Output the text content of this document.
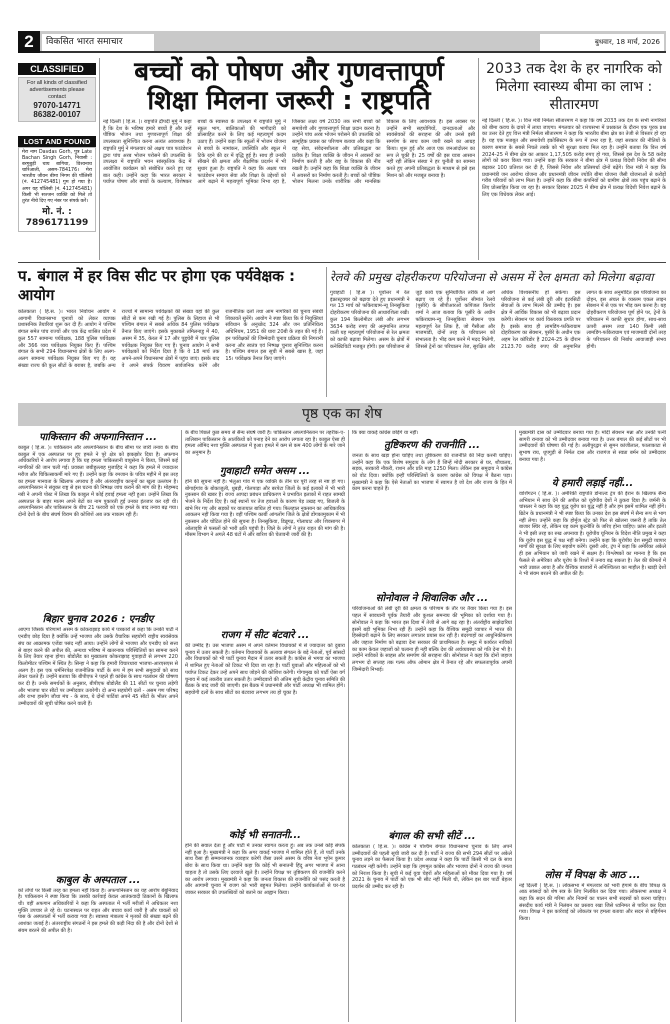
2	विकसित भारत समाचार	बुधवार, 18 मार्च, 2026
CLASSIFIED
For all kinds of classified advertisements please contact
97070-14771
86382-00107
LOST AND FOUND
मेरा नाम Davdas Gorh, पुत्र Late Bachan Singh Gorh, निवासी : बरगुबुड़ी चाय बागिचा, विश्वनाथ चारिआली, असम-784176। मेरा भारतीय जीवन बीमा निगम की पॉलिसी (नं. 412745481) गुम हो गया है। अगर यह पॉलिसी (नं. 412745481) किसी भी सज्जन व्यक्ति को मिले तो तुरंत नीचे दिए गए नंबर पर संपर्क करें।
मो. नं. :
7896171199
बच्चों को पोषण और गुणवत्तापूर्ण
शिक्षा मिलना जरूरी : राष्ट्रपति
नई दिल्ली ( हि.स. )। राष्ट्रपति द्रौपदी मुर्मु ने कहा है कि देश के भविष्य हमारे बच्चों हैं और उन्हें पौष्टिक भोजन तथा गुणवत्तापूर्ण शिक्षा की उपलब्धता सुनिश्चित करना अत्यंत आवश्यक है। राष्ट्रपति मुर्मु ने मंगलवार को अक्षय पात्र फाउंडेशन द्वारा पांच अरब भोजन परोसने की उपलब्धि के उपलक्ष्य में राष्ट्रपति भवन सांस्कृतिक केंद्र में आयोजित कार्यक्रम को संबोधित करते हुए यह बात कही। उन्होंने कहा कि भारत सरकार ने पर्याप्त पोषण और बच्चों के कल्याण, विशेषकर बच्चों के स्वास्थ्य के उपलक्ष्य में राष्ट्रपति मुर्मु ने स्कूल भाग, बालिकाओं की भागीदारी को प्रोत्साहित करने के लिए कई महत्वपूर्ण कदम उठाए हैं। उन्होंने कहा कि स्कूलों में भोजन योजना से बच्चों के नामांकन, उपस्थिति और स्कूल में टिके रहने की दर में वृद्धि हुई है। साथ ही उनकी सीखने की क्षमता और शैक्षणिक प्रदर्शन में भी सुधार हुआ है। राष्ट्रपति ने कहा कि अक्षय पात्र फाउंडेशन समाज सेवा और शिक्षा के उद्देश्यों को आगे बढ़ाने में महत्वपूर्ण भूमिका निभा रहा है, जिसका लक्ष्य वर्ष 2030 तक सभी बच्चों को समावेशी और गुणवत्तापूर्ण शिक्षा प्रदान करना है। उन्होंने पांच अरब भोजन परोसने की उपलब्धि को सामूहिक प्रयास का परिणाम बताया और कहा कि यह सेवा, संवेदनशीलता और प्रतिबद्धता का प्रतीक है। शिक्षा व्यक्ति के जीवन में अवसरों का निर्माण करती है और राष्ट्र के विकास की नींव रखती है। उन्होंने कहा कि शिक्षा व्यक्ति के जीवन में अवसरों का निर्माण करती है। बच्चों को पौष्टिक भोजन मिलना उनके शारीरिक और मानसिक विकास के लिए आवश्यक है। इस अवसर पर उन्होंने सभी सहयोगियों, दानदाताओं और स्वयंसेवकों की सराहना की और उनसे इसी समर्पण के साथ काम जारी रखने का आग्रह किया। शुरू हुई और आज एक जनआंदोलन का रूप ले चुकी है। 25 वर्षों की इस यात्रा आसान नहीं रही लेकिन संस्था ने हर चुनौती का सामना करते हुए अपनी प्रतिबद्धता के माध्यम से इसे इस मिशन को और मजबूत बनाया है।
2033 तक देश के हर नागरिक को मिलेगा स्वास्थ्य बीमा का लाभ : सीतारमण
नई दिल्ली ( हि.स. )। वित्त मंत्री निर्मला सीतारमण ने कहा कि वर्ष 2033 तक देश के सभी नागरिकों को बीमा कवच के दायरे में लाया जाएगा। मंगलवार को राज्यसभा में प्रश्नकाल के दौरान एक पूरक प्रश्न का उत्तर देते हुए वित्त मंत्री निर्मला सीतारमण ने कहा कि भारतीय बीमा क्षेत्र का तेजी से विस्तार हो रहा है। यह एक मजबूत और समावेशी इकोसिस्टम के रूप में उभर रहा है, जहां सरकार की नीतियों के कारण समाज के सबसे निचले तबके को भी सुरक्षा कवच मिल रहा है। उन्होंने बताया कि वित्त वर्ष 2024-25 में बीमा क्षेत्र का आकार 1,17,505 करोड़ रुपए हो गया, जिससे इस देश के 58 करोड़ लोगों को कवर किया गया। उन्होंने कहा कि सरकार ने बीमा क्षेत्र में प्रत्यक्ष विदेशी निवेश की सीमा बढ़ाकर 100 प्रतिशत कर दी है, जिससे निवेश और प्रतिस्पर्धा दोनों बढ़ेंगे। वित्त मंत्री ने कहा कि प्रधानमंत्री जन आरोग्य योजना और प्रधानमंत्री जीवन ज्योति बीमा योजना जैसी योजनाओं से करोड़ों गरीब परिवारों को लाभ मिला है। उन्होंने कहा कि बीमा कंपनियों को ग्रामीण क्षेत्रों तक पहुंच बढ़ाने के लिए प्रोत्साहित किया जा रहा है। सरकार दिसंबर 2025 में बीमा क्षेत्र में प्रत्यक्ष विदेशी निवेश बढ़ाने के लिए एक विधेयक लेकर आई।
प. बंगाल में हर विस सीट पर होगा एक पर्यवेक्षक : आयोग
कोलकाता ( हि.स. )। भारत निर्वाचन आयोग ने आगामी विधानसभा चुनावों को लेकर व्यापक प्रशासनिक तैयारियां शुरू कर दी हैं। आयोग ने पश्चिम बंगाल समेत पांच राज्यों और एक केंद्र शासित प्रदेश में कुल 557 सामान्य पर्यवेक्षक, 188 पुलिस पर्यवेक्षक और 366 व्यय पर्यवेक्षक नियुक्त किए हैं। पश्चिम बंगाल के सभी 294 विधानसभा क्षेत्रों के लिए अलग-अलग सामान्य पर्यवेक्षक नियुक्त किए गए हैं। यह संख्या राज्य की कुल सीटों के बराबर है, जबकि अन्य राज्यों में सामान्य पर्यवेक्षकों की संख्या वहां की कुल सीटों से कम रखी गई है। पुलिस के लिहाज से भी पश्चिम बंगाल में सबसे अधिक 84 पुलिस पर्यवेक्षक तैनात किए जाएंगे। इसके मुकाबले तमिलनाडु में 40, असम में 35, केरल में 17 और पुडुचेरी में चार पुलिस पर्यवेक्षक नियुक्त किए गए हैं। चुनाव आयोग ने सभी पर्यवेक्षकों को निर्देश दिया है कि वे 18 मार्च तक अपने-अपने विधानसभा क्षेत्रों में पहुंच जाएं। इसके बाद वे अपने संपर्क विवरण सार्वजनिक करेंगे और राजनीतिक दलों तथा आम नागरिकों की चुनाव संबंधी शिकायतें सुनेंगे। आयोग ने स्पष्ट किया कि ये नियुक्तियां संविधान के अनुच्छेद 324 और जन प्रतिनिधित्व अधिनियम, 1951 की धारा 20बी के तहत की गई हैं। इन पर्यवेक्षकों की जिम्मेदारी चुनाव प्रक्रिया की निगरानी करना और स्वतंत्र एवं निष्पक्ष चुनाव सुनिश्चित करना है। पश्चिम बंगाल इस सूची में सबसे खास है, जहां 15। पर्यवेक्षक तैनात किए जाएंगे।
रेलवे की प्रमुख दोहरीकरण परियोजना से असम में रेल क्षमता को मिलेगा बढ़ावा
गुवाहाटी ( हि.स )। पूर्वोत्तर में रेल इंफ्रास्ट्रक्चर को बढ़ावा देते हुए प्रधानमंत्री ने गत 13 मार्च को फकिराग्राम-न्यू तिनसुकिया दोहरीकरण परियोजना की आधारशिला रखी। कुल 194 किलोमीटर लंबी और लगभग 3634 करोड़ रुपए की अनुमानित लागत वाली यह महत्वपूर्ण परियोजना से रेल क्षमता को काफी बढ़ावा मिलेगा। असम के क्षेत्रों में कनेक्टिविटी मजबूत होगी। इस परियोजना से जुड़े कार्य एक सुनियोजित तरीके से आगे बढ़ाए जा रहे हैं। पूर्वोत्तर सीमांत रेलवे (पूसीरे) के सीपीआरओ कपिंजल किशोर शर्मा ने आज बताया कि पूसीरे के अधीन फकिराग्राम-न्यू तिनसुकिया सेक्शन एक महत्वपूर्ण रेल लिंक है, जो गैसीआ और माजमाडी, दोनों तरह के परिचालन को संभालता है। भीड़ कम करने में मदद मिलेगी, जिससे ट्रेनों का परिचालन तेज, सुरक्षित और अधिक विश्वसनीय हो सकेगा। इस परियोजना से कई लंबी दूरी और इंटरसिटी सेवाओं के लाभ मिलने की उम्मीद है। इस क्षेत्र में आर्थिक विकास को भी बढ़ावा प्रदान करेगी। सेक्शन पर कार्य विस्तारक प्रगति पर है। इसके साथ ही लामडिंग-फकिराग्राम दोहरीकरण का सेक्शन, पूसीरे के अधीन एक अहम रेल कॉरिडोर है 2024-25 के दौरान 2123.70 करोड़ रुपए की अनुमानित लागत के साथ अनुमोदित इस परियोजना का दोहन, इस अंचल के व्यस्तम एकल लाइन सेक्शन में से एक पर भीड़ कम करना है। यह दोहरीकरण परियोजना पूर्ण होने पर, ट्रेनों के परिचालन में काफी सुधार होगा, साथ-साथ ऊपरी असम तथा 140 किमी लंबी लामडिंग-फकिराग्राम एवं माजमाडी दोनों तरह के परिचालन की निर्बाध आवाजाही संभव होगी।
पृष्ठ एक का शेष
पाकिस्तान की अफगानिस्तान ...
काबुल ( हि.स. )। पाकिस्तान और अफगानिस्तान के बीच सीमा पर जारी तनाव के बीच काबुल में एक अस्पताल पर हुए हमले ने पूरे क्षेत्र को झकझोर दिया है। अफगान अधिकारियों ने आरोप लगाया है कि यह हमला पाकिस्तानी वायुसेना ने किया, जिसमें कई नागरिकों की जान चली गई। प्रवक्ता जबीहुल्लाह मुजाहिद ने कहा कि हमले में ज्यादातर मरीज और चिकित्साकर्मी मारे गए हैं। उन्होंने कहा कि रमजान के पवित्र महीने में इस तरह का हमला मानवता के खिलाफ अपराध है और अंतरराष्ट्रीय कानूनों का खुला उल्लंघन है। अफगानिस्तान ने संयुक्त राष्ट्र से इस घटना की निष्पक्ष जांच कराने की मांग की है। मोहम्मद नबी ने अपनी पोस्ट में लिखा कि काबुल में कोई हवाई हमला नहीं हुआ। उन्होंने लिखा कि अस्पताल के बाहर मातम अपने बेटों का नाम पुकारती हुई उनका इंतजार कर रही थी। अफगानिस्तान और पाकिस्तान के बीच 21 फरवरी को एक हमले के बाद तनाव बढ़ गया। दोनों देशों के बीच संघर्ष विराम की कोशिशें अब तक नाकाम रही हैं।
बिहार चुनाव 2026 : एनडीए
आएगा जिसके परिणामों असम के कोकराझाड़ कार्य में पत्रकारों से कहा कि उनकी पार्टी ने एनडीए छोड़ दिया है क्योंकि उन्हें भाजपा और उसके वैचारिक सहयोगी राष्ट्रीय स्वयंसेवक संघ का आक्रामक एजेंडा पसंद नहीं आया। उन्होंने लोगों से भाजपा और एनडीए को सत्ता से बाहर करने की अपील की, अन्यथा भविष्य में खतरनाक परिस्थितियों का सामना करने के लिए तैयार रहना होगा। बोडोलैंड का मुख्यालय कोकराझाड़ गुवाहाटी से लगभग 220 किलोमीटर पश्चिम में स्थित है। सिन्हा ने कहा कि हमारी विचारधारा भाजपा-आरएसएस से अलग है। इस एक धर्मनिरपेक्ष राजनीतिक पार्टी के रूप में हम सभी समुदायों को साथ लेकर चलते हैं। उन्होंने बताया कि बीपीएफ ने पहले ही कांग्रेस के साथ गठबंधन की घोषणा कर दी है। उनके समर्थकों के अनुसार, बीपीएफ बोडोलैंड की 11 सीटों पर चुनाव लड़ेगी और भाजपा चार सीटों पर उम्मीदवार उतारेगी। दो अन्य सहयोगी दलों - असम गण परिषद और राभा हासोंग जौथा मंच - के साथ, ये दोनों पार्टियां अपने 45 सीटों के भीतर अपने उम्मीदवारों की सूची घोषित करने वाली हैं।
काबुल के अस्पताल ...
को तोपों पर किसी तरह का हमला नहीं किया है। अफगानिस्तान का यह आरोप बेबुनियाद है। पाकिस्तान ने स्पष्ट किया कि उसकी कार्रवाई केवल आतंकवादी ठिकानों के खिलाफ थी। वहीं अफगान अधिकारियों ने कहा कि अस्पताल में भर्ती मरीजों में अधिकतर नशा मुक्ति उपचार ले रहे थे। घटनास्थल पर राहत और बचाव कार्य जारी है और घायलों को पास के अस्पतालों में भर्ती कराया गया है। स्वास्थ्य मंत्रालय ने मृतकों की संख्या बढ़ने की आशंका जताई है। अंतरराष्ट्रीय संगठनों ने इस हमले की कड़ी निंदा की है और दोनों देशों से संयम बरतने की अपील की है।
के बीच पिछले कुछ समय से सैन्य संघर्ष जारी है। पाकिस्तान अफगानिस्तान पर तहरीक-ए-तालिबान पाकिस्तान के आतंकियों को पनाह देने का आरोप लगाता रहा है। काबुल ऐसा ही हमला ओमिद नशा मुक्ति अस्पताल में हुआ। हमले में कम से कम 400 लोगों के मारे जाने का अनुमान है।
गुवाहाटी समेत असम ...
होने की सूचना नहीं है। भेलुआ गांव में एक व्यक्ति के तीन घर पूरी तरह से नष्ट हो गए। बोंगाईगांव के बोकाजुली, धुबड़ी, गोलपाड़ा और बरपेटा जिलों के कई इलाकों में भी भारी नुकसान की खबर है। राज्य आपदा प्रबंधन प्राधिकरण ने प्रभावित इलाकों में राहत सामग्री भेजने के निर्देश दिए हैं। कई स्थानों पर तेज हवाओं के कारण पेड़ उखड़ गए, बिजली के खंभे गिर गए और सड़कों पर यातायात बाधित हो गया। फिलहाल नुकसान का आधिकारिक आकलन नहीं किया गया है। वहीं पश्चिम कार्बी आंगलोंग जिले के क्षेत्रों डोंगकामुकाम में भी नुकसान और चोटिल होने की सूचना है। तिनसुकिया, डिब्रूगढ़, गोलाघाट और शिवसागर में ओलावृष्टि से फसलों को भारी क्षति पहुंची है। जिले के लोगों ने तुरंत राहत की मांग की है। मौसम विभाग ने अगले 48 घंटों में और बारिश की चेतावनी जारी की है।
राजग में सीट बंटवारे ...
की उम्मीद है। उस भाजपा असम में अपने वर्तमान विधायकों में से ज्यादातर को दुबारा चुनाव में उतार सकती है। वर्तमान विधायकों के अलावा संगठन के बड़े नेताओं, पूर्व सांसदों और विधायकों को भी पार्टी चुनाव मैदान में उतार सकती है। कांग्रेस से भगवा का भाजपा में शामिल हुए नेताओं को टिकट भी दिया जा रहा है। पार्टी युवाओं और महिलाओं को भी पर्याप्त टिकट देकर उन्हें अपने साथ जोड़ने की कोशिश करेगी। गोगामुख को पार्टी ऐसा वर्ग चुनाव में कई तकरीब उतार सकती है। उम्मीदवारों की अंतिम सूची केंद्रीय चुनाव समिति की बैठक के बाद जारी की जाएगी। इस बैठक में प्रधानमंत्री और पार्टी अध्यक्ष भी शामिल होंगे। सहयोगी दलों के साथ सीटों का बंटवारा लगभग तय हो चुका है।
कोई भी सनातनी...
होने की सवाल देता हूं और पार्टी में उनका स्वागत करता हूं। अब तक उनसे कोई संपर्क नहीं हुआ है। मुख्यमंत्री ने कहा कि अगर वाकई भाजपा में शामिल होते हैं, तो पार्टी उनके साथ वैसा ही सम्मानजनक व्यवहार करेगी जैसा उसने असम के वरिष्ठ नेता भूपेन कुमार बोरा के साथ किया था। उन्होंने कहा कि कोई भी सनातनी हिंदू अगर भाजपा में आना चाहता है तो उसके लिए दरवाजे खुले हैं। उन्होंने विपक्ष पर तुष्टिकरण की राजनीति करने का आरोप लगाया। मुख्यमंत्री ने कहा कि जनता विकास की राजनीति को पसंद करती है और आगामी चुनाव में राजग को भारी बहुमत मिलेगा। उन्होंने कार्यकर्ताओं से घर-घर जाकर सरकार की उपलब्धियों को बताने का आह्वान किया।
कि क्या वाकई कांग्रेस छोड़ेंगे या नहीं।
तुष्टिकरण की राजनीति ...
जनता के साथ खड़ा होना चाहिए तथा तुष्टिकरण की राजनीति की निंदा करनी चाहिए। उन्होंने कहा कि एक विशेष समुदाय के लोग हैं जिन्हें मोदी सरकार से घर, शौचालय, सड़क, सरकारी नौकरी, राशन और प्रति माह 1250 मिला। लेकिन इस समुदाय ने कांग्रेस को वोट दिया। क्योंकि इन्हीं परिस्थितियों के कारण कांग्रेस को विपक्ष में बैठना पड़ा। मुख्यमंत्री ने कहा कि ऐसे नेताओं का भाजपा में स्वागत है जो देश और राज्य के हित में काम करना चाहते हैं।
सोनोवाल ने शिवालिक और ...
परियोजनाओं की लंबी दूरी की क्षमता के परिणाम के तौर पर तैयार किया गया है। इस पहल में सावधानी पूर्वक तैयारी और कुशल समन्वय की भूमिका को दर्शाया गया है। सोनोवाल ने कहा कि भारत इस दिशा में तेजी से आगे बढ़ रहा है। अंतर्राष्ट्रीय साझेदारियां इसमें बड़ी भूमिका निभा रही हैं। उन्होंने कहा कि वैश्विक समुद्री व्यापार में भारत की हिस्सेदारी बढ़ाने के लिए सरकार लगातार प्रयास कर रही है। बंदरगाहों का आधुनिकीकरण और जहाज निर्माण को बढ़ावा देना सरकार की प्राथमिकता है। समुद्र में कार्यरत नाविकों का काम केवल जहाजों को चलाना ही नहीं बल्कि देश की अर्थव्यवस्था को गति देना भी है। उन्होंने नाविकों के साहस और समर्पण की सराहना की। सोनोवाल ने कहा कि दोनों जहाज लगभग दो सप्ताह तक गल्फ ऑफ ओमान क्षेत्र में तैनात रहे और सफलतापूर्वक अपनी जिम्मेदारी निभाई।
बंगाल की सभी सीटें ...
कोलकाता ( हि.स. )। कांग्रेस ने पश्चिम बंगाल विधानसभा चुनाव के लिए अपने उम्मीदवारों की पहली सूची जारी कर दी है। पार्टी ने राज्य की सभी 294 सीटों पर अकेले चुनाव लड़ने का फैसला किया है। प्रदेश अध्यक्ष ने कहा कि पार्टी किसी भी दल के साथ गठबंधन नहीं करेगी। उन्होंने कहा कि तृणमूल कांग्रेस और भाजपा दोनों ने राज्य की जनता को निराश किया है। सूची में कई युवा चेहरों और महिलाओं को मौका दिया गया है। वर्ष 2021 के चुनाव में पार्टी को एक भी सीट नहीं मिली थी, लेकिन इस बार पार्टी बेहतर प्रदर्शन की उम्मीद कर रही है।
मुख्यमंत्री दास को उम्मीदवार बनाया गया है। मोदी सेक्शन मन्ना और उनकी पत्नी सागरी रानाया को भी उम्मीदवार बनाया गया है। उत्तर बंगाल की कई सीटों पर भी उम्मीदवारों की घोषणा की गई है। अलीपुरद्वार से सुमन कांजीलाल, फालाकाटा से सुभाष राय, धूपगुड़ी से निर्मल दास और राजगंज से स्वप्ना बर्मन को उम्मीदवार बनाया गया है।
ये हमारी लड़ाई नहीं...
वाशिंगटन ( हि.स. )। अमेरिकी राष्ट्रपति डोनाल्ड ट्रंप की ईरान के खिलाफ सैन्य अभियान में साथ देने की अपील को यूरोपीय देशों ने ठुकरा दिया है। जर्मनी के चांसलर ने कहा कि यह युद्ध यूरोप का युद्ध नहीं है और हम इसमें शामिल नहीं होंगे। ब्रिटेन के प्रधानमंत्री ने भी स्पष्ट किया कि उनका देश इस संघर्ष में सैन्य रूप से भाग नहीं लेगा। उन्होंने कहा कि होर्मुज स्ट्रेट को फिर से खोलना जरूरी है ताकि तेल बाजार स्थिर रहे, लेकिन यह काम कूटनीति के जरिए होना चाहिए। फ्रांस और इटली ने भी इसी तरह का रुख अपनाया है। यूरोपीय यूनियन के विदेश नीति प्रमुख ने कहा कि यूरोप इस युद्ध में पक्ष नहीं बनेगा। उन्होंने कहा कि यूरोपीय देश समुद्री व्यापार मार्गों की सुरक्षा के लिए सहयोग करेंगे। दूसरी ओर, ट्रंप ने कहा कि अमेरिका अकेले ही इस अभियान को जारी रखने में सक्षम है। विश्लेषकों का मानना है कि इस फैसले से अमेरिका और यूरोप के रिश्तों में तनाव बढ़ सकता है। तेल की कीमतों में भारी उछाल आया है और वैश्विक बाजारों में अनिश्चितता का माहौल है। खाड़ी देशों ने भी संयम बरतने की अपील की है।
लोस में विपक्ष के आठ ...
नई दिल्ली ( हि.स. )। लोकसभा में मंगलवार को भारी हंगामे के बीच विपक्ष के आठ सांसदों को शेष सत्र के लिए निलंबित कर दिया गया। लोकसभा अध्यक्ष ने कहा कि सदन की गरिमा और नियमों का पालन सभी सदस्यों को करना चाहिए। संसदीय कार्य मंत्री ने निलंबन का प्रस्ताव रखा जिसे ध्वनिमत से पारित कर दिया गया। विपक्ष ने इस कार्रवाई को लोकतंत्र पर हमला बताया और सदन से बहिर्गमन किया।
